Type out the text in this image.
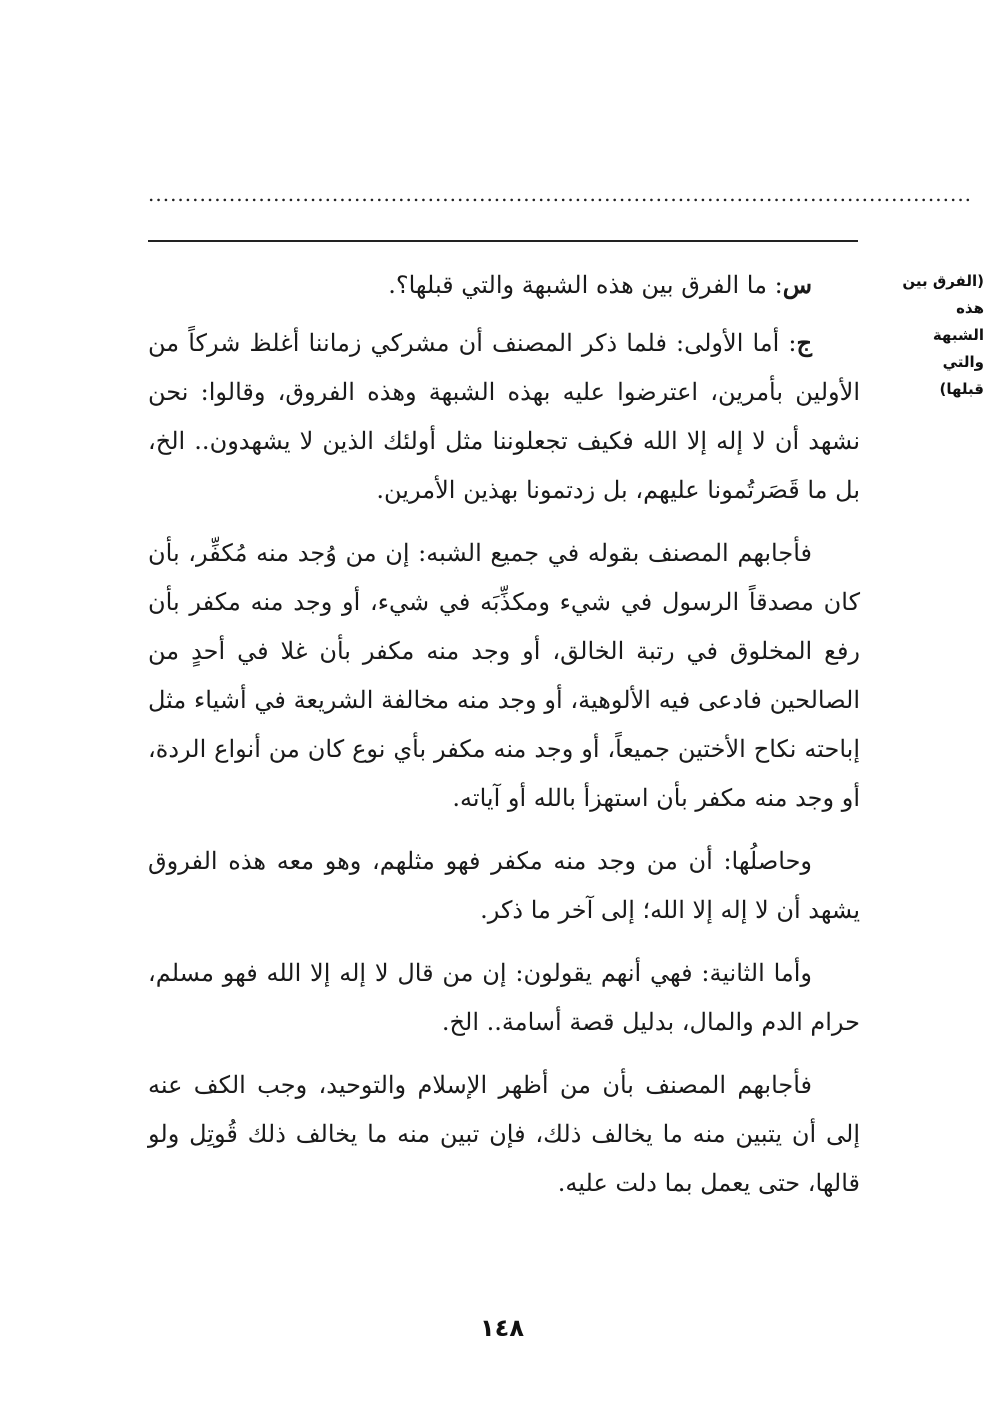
................................................................................................................
(الفرق بين
هذه
الشبهة
والتي
قبلها)

س: ما الفرق بين هذه الشبهة والتي قبلها؟.

ج: أما الأولى: فلما ذكر المصنف أن مشركي زماننا أغلظ شركاً من الأولين بأمرين، اعترضوا عليه بهذه الشبهة وهذه الفروق، وقالوا: نحن نشهد أن لا إله إلا الله فكيف تجعلوننا مثل أولئك الذين لا يشهدون.. الخ، بل ما قَصَرتُمونا عليهم، بل زدتمونا بهذين الأمرين.

فأجابهم المصنف بقوله في جميع الشبه: إن من وُجد منه مُكفِّر، بأن كان مصدقاً الرسول في شيء ومكذِّبَه في شيء، أو وجد منه مكفر بأن رفع المخلوق في رتبة الخالق، أو وجد منه مكفر بأن غلا في أحدٍ من الصالحين فادعى فيه الألوهية، أو وجد منه مخالفة الشريعة في أشياء مثل إباحته نكاح الأختين جميعاً، أو وجد منه مكفر بأي نوع كان من أنواع الردة، أو وجد منه مكفر بأن استهزأ بالله أو آياته.

وحاصلُها: أن من وجد منه مكفر فهو مثلهم، وهو معه هذه الفروق يشهد أن لا إله إلا الله؛ إلى آخر ما ذكر.

وأما الثانية: فهي أنهم يقولون: إن من قال لا إله إلا الله فهو مسلم، حرام الدم والمال، بدليل قصة أسامة.. الخ.

فأجابهم المصنف بأن من أظهر الإسلام والتوحيد، وجب الكف عنه إلى أن يتبين منه ما يخالف ذلك، فإن تبين منه ما يخالف ذلك قُوتِل ولو قالها، حتى يعمل بما دلت عليه.

١٤٨
